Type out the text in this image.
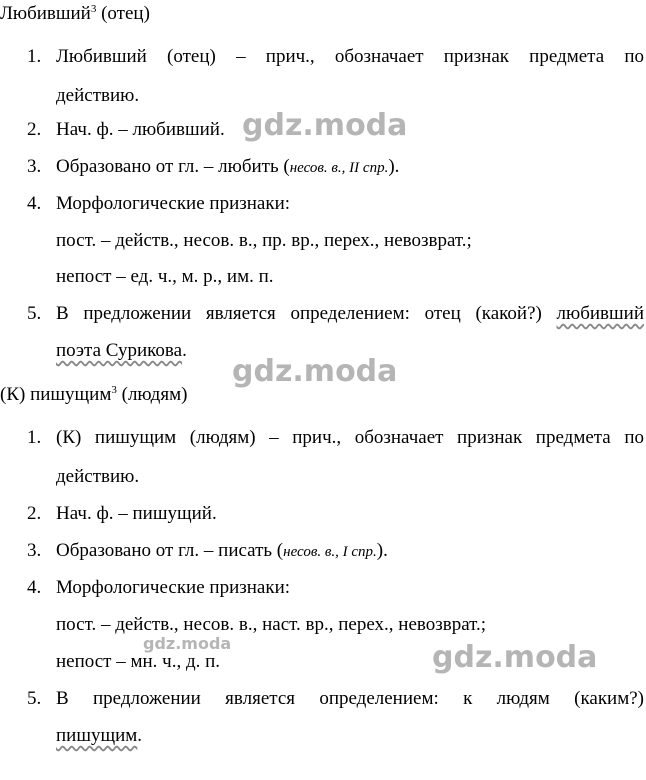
Любивший$^3$ (отец)
1. Любивший (отец) – прич., обозначает признак предмета по
действию.
2. Нач. ф. – любивший.
3. Образовано от гл. – любить (несов. в., II спр.).
4. Морфологические признаки:
пост. – действ., несов. в., пр. вр., перех., невозврат.;
непост – ед. ч., м. р., им. п.
5. В предложении является определением: отец (какой?) любивший
поэта Сурикова.
(К) пишущим$^3$ (людям)
1. (К) пишущим (людям) – прич., обозначает признак предмета по
действию.
2. Нач. ф. – пишущий.
3. Образовано от гл. – писать (несов. в., I спр.).
4. Морфологические признаки:
пост. – действ., несов. в., наст. вр., перех., невозврат.;
непост – мн. ч., д. п.
5. В предложении является определением: к людям (каким?)
пишущим.
gdz.moda
gdz.moda
gdz.moda	gdz.moda
